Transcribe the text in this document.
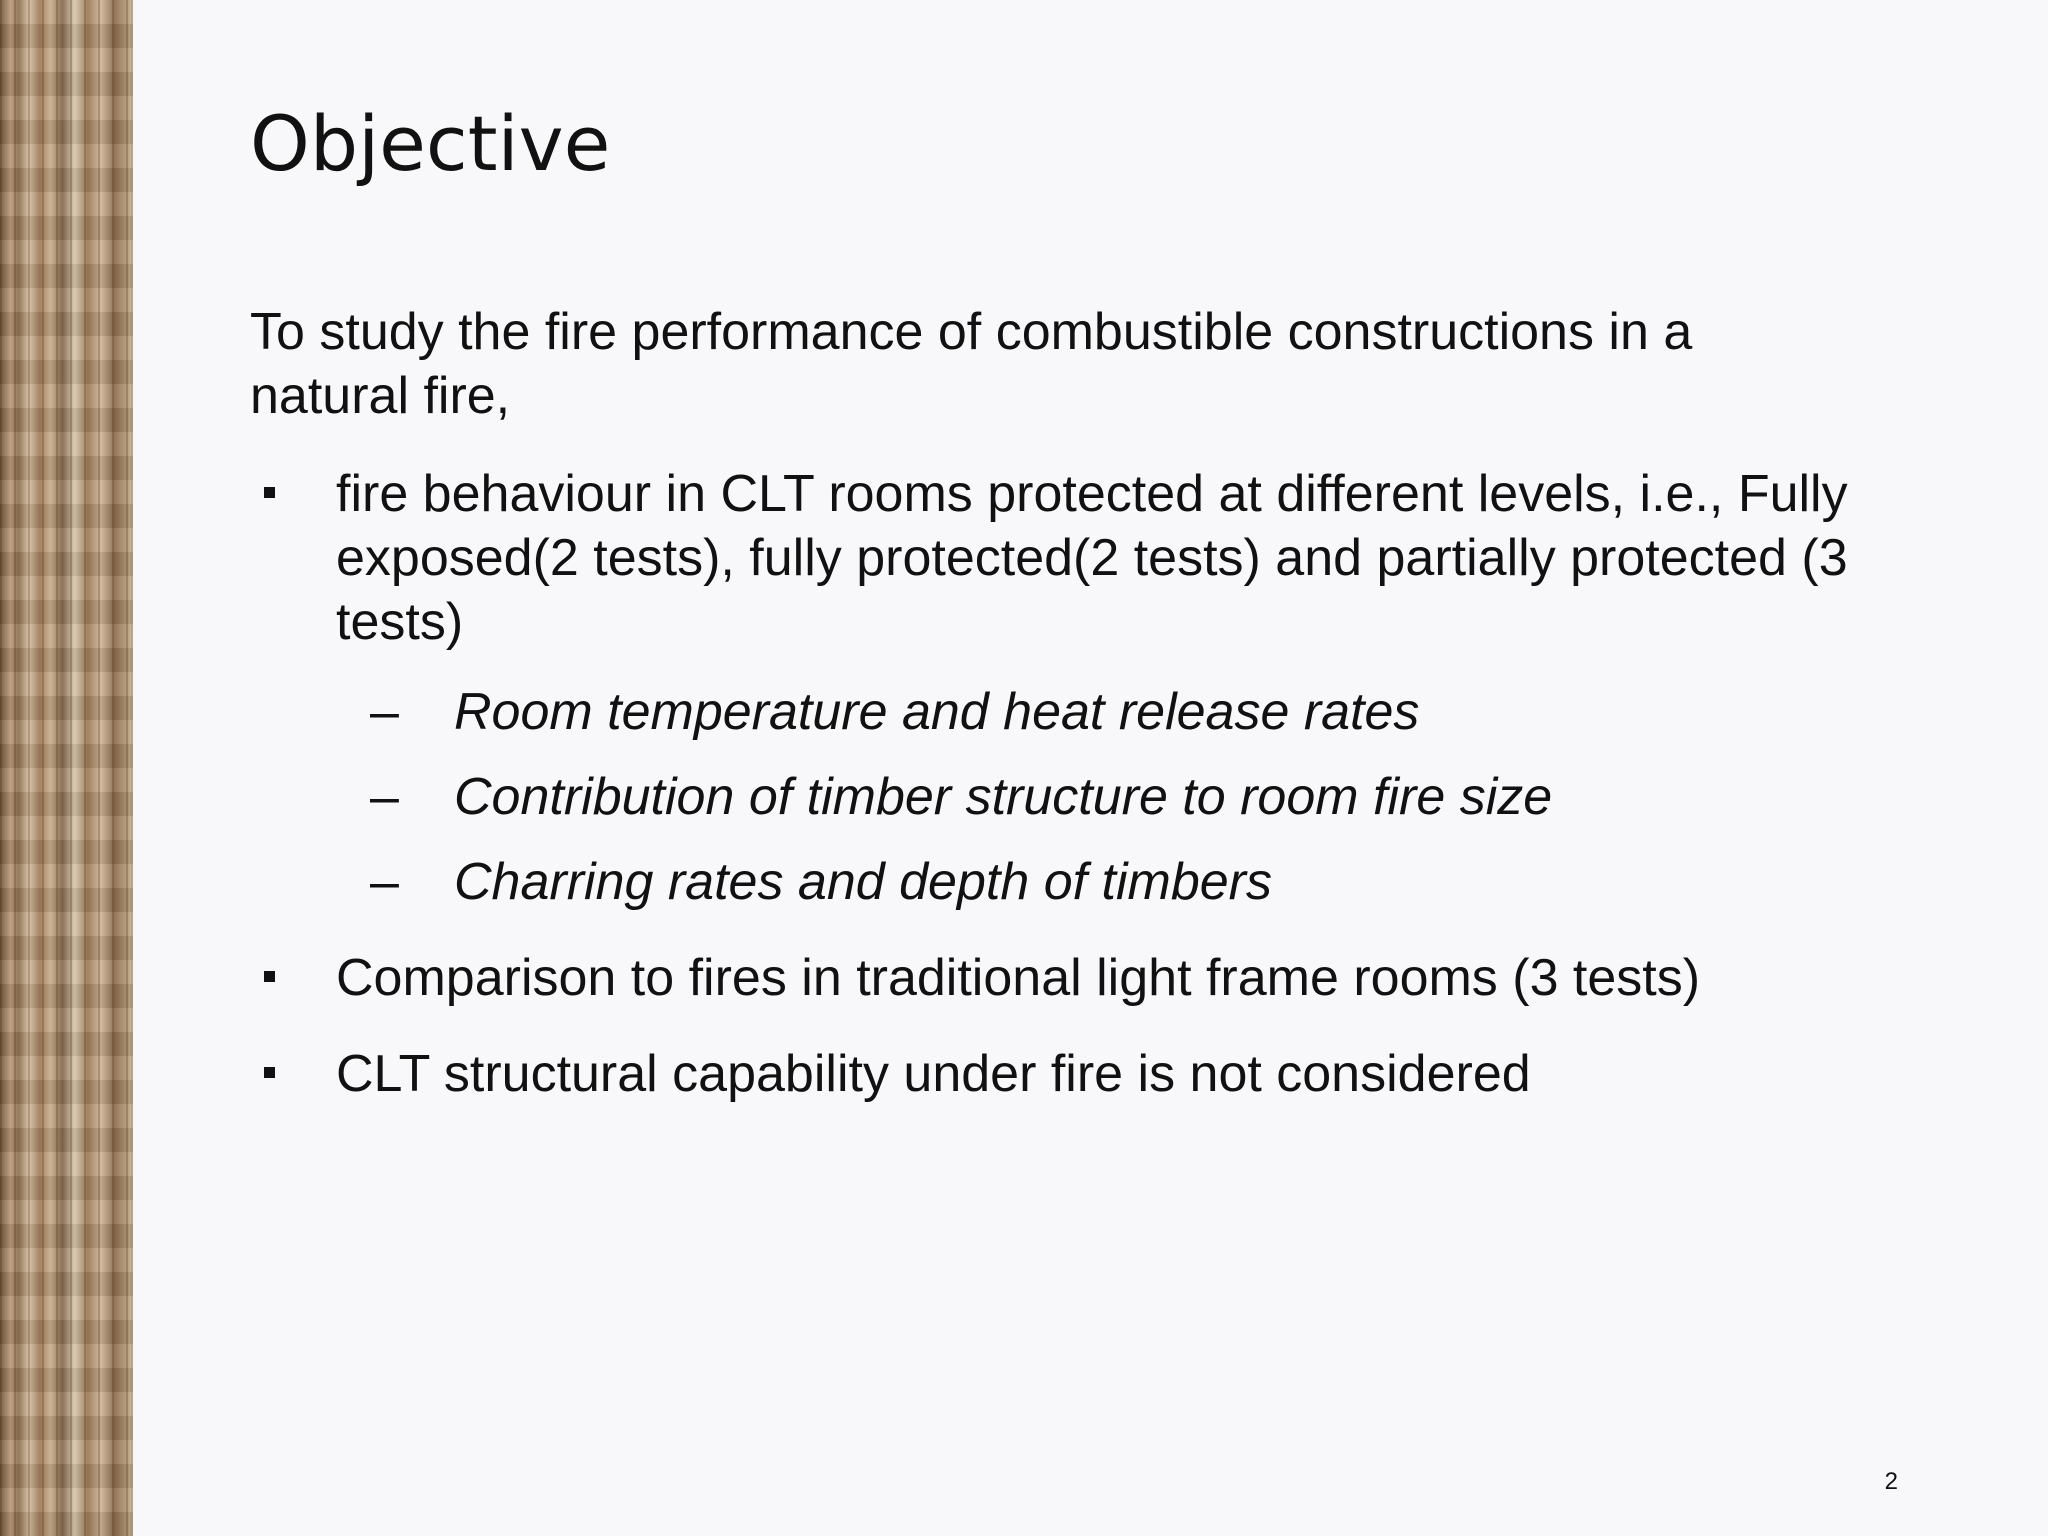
Objective

To study the fire performance of combustible constructions in a natural fire,

fire behaviour in CLT rooms protected at different levels, i.e., Fully exposed(2 tests), fully protected(2 tests) and partially protected (3 tests)
– Room temperature and heat release rates
– Contribution of timber structure to room fire size
– Charring rates and depth of timbers
Comparison to fires in traditional light frame rooms (3 tests)
CLT structural capability under fire is not considered
2
